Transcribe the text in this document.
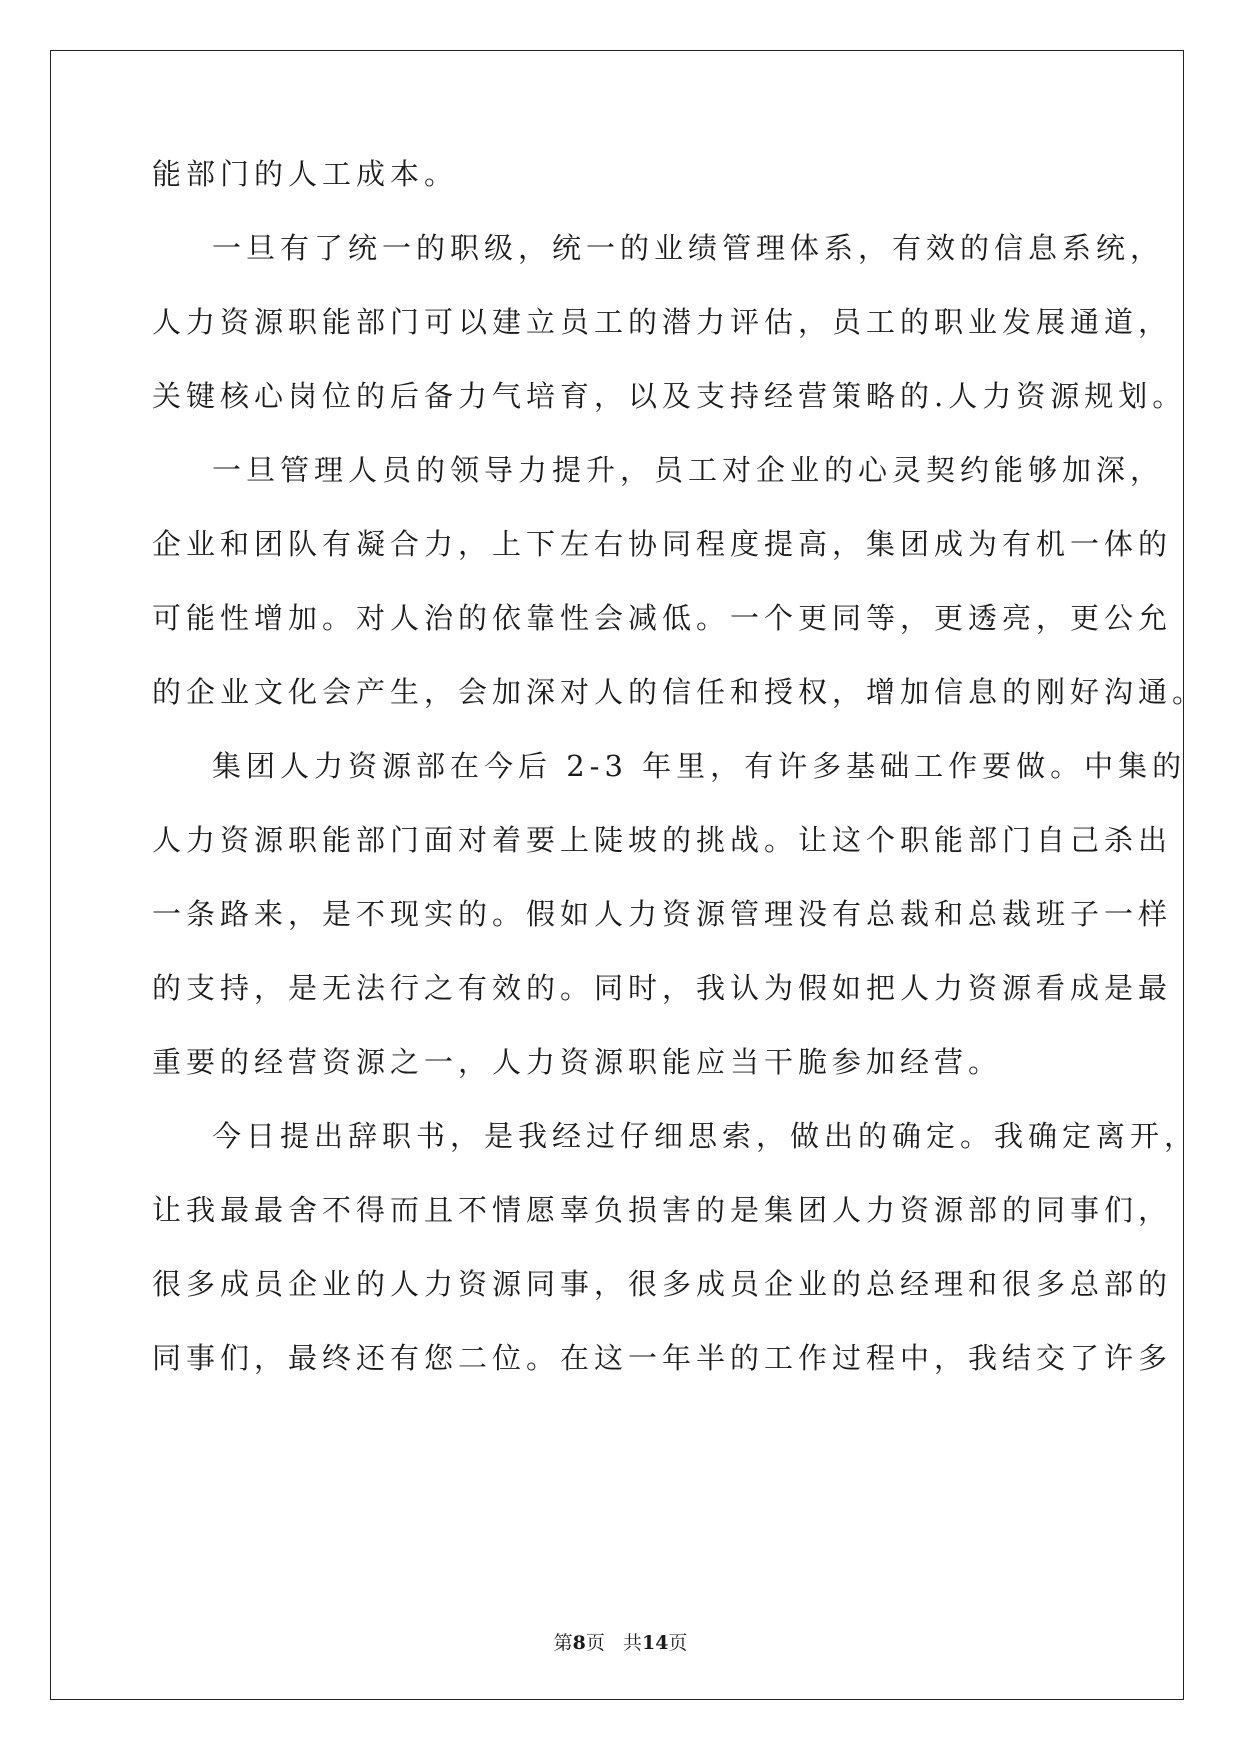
能部门的人工成本。
一旦有了统一的职级，统一的业绩管理体系，有效的信息系统，
人力资源职能部门可以建立员工的潜力评估，员工的职业发展通道，
关键核心岗位的后备力气培育，以及支持经营策略的.人力资源规划。
一旦管理人员的领导力提升，员工对企业的心灵契约能够加深，
企业和团队有凝合力，上下左右协同程度提高，集团成为有机一体的
可能性增加。对人治的依靠性会减低。一个更同等，更透亮，更公允
的企业文化会产生，会加深对人的信任和授权，增加信息的刚好沟通。
集团人力资源部在今后 2-3 年里，有许多基础工作要做。中集的
人力资源职能部门面对着要上陡坡的挑战。让这个职能部门自己杀出
一条路来，是不现实的。假如人力资源管理没有总裁和总裁班子一样
的支持，是无法行之有效的。同时，我认为假如把人力资源看成是最
重要的经营资源之一，人力资源职能应当干脆参加经营。
今日提出辞职书，是我经过仔细思索，做出的确定。我确定离开，
让我最最舍不得而且不情愿辜负损害的是集团人力资源部的同事们，
很多成员企业的人力资源同事，很多成员企业的总经理和很多总部的
同事们，最终还有您二位。在这一年半的工作过程中，我结交了许多
第8页 共14页
